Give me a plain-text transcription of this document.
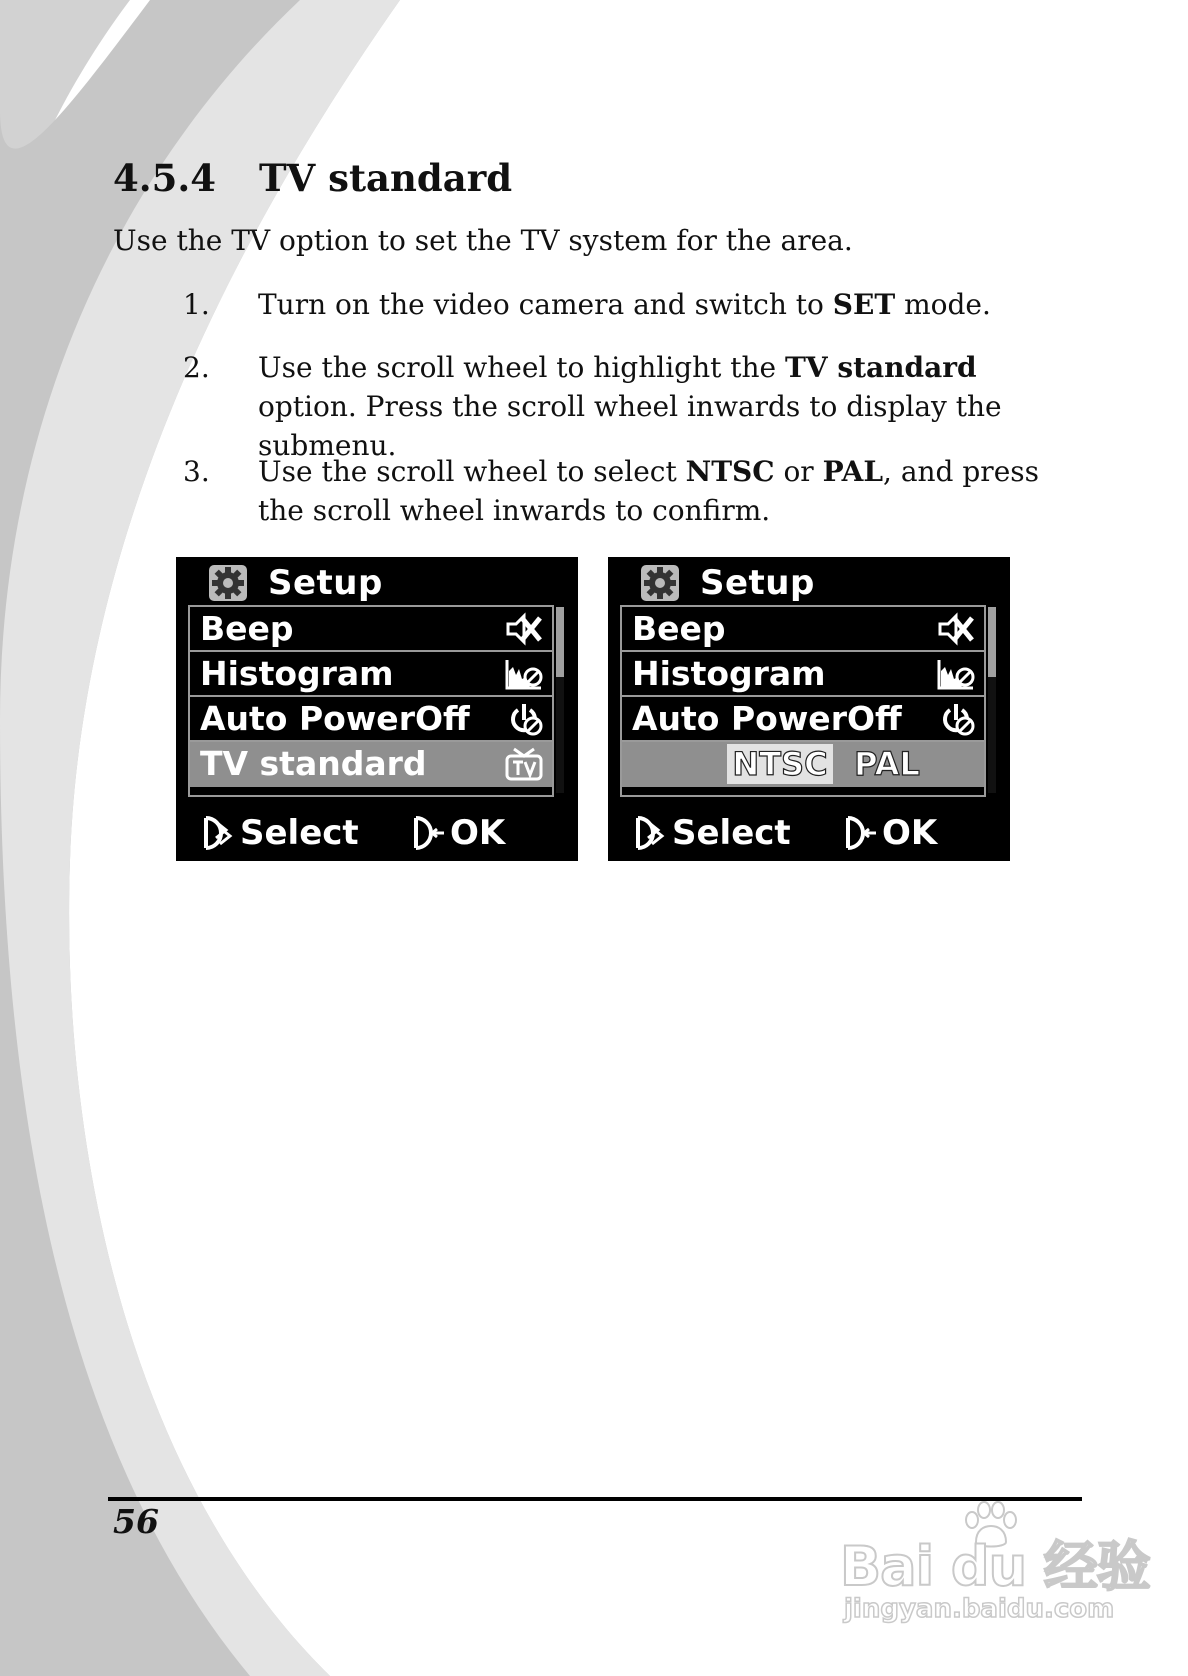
4.5.4 TV standard

Use the TV option to set the TV system for the area.

1. Turn on the video camera and switch to SET mode.
2. Use the scroll wheel to highlight the TV standard option. Press the scroll wheel inwards to display the submenu.
3. Use the scroll wheel to select NTSC or PAL, and press the scroll wheel inwards to confirm.
Setup
Beep
Histogram
Auto PowerOff
TV standard
Select	OK
Setup
Beep
Histogram
Auto PowerOff
NTSC PAL
Select	OK
56
Bai du 经验
jingyan.baidu.com
